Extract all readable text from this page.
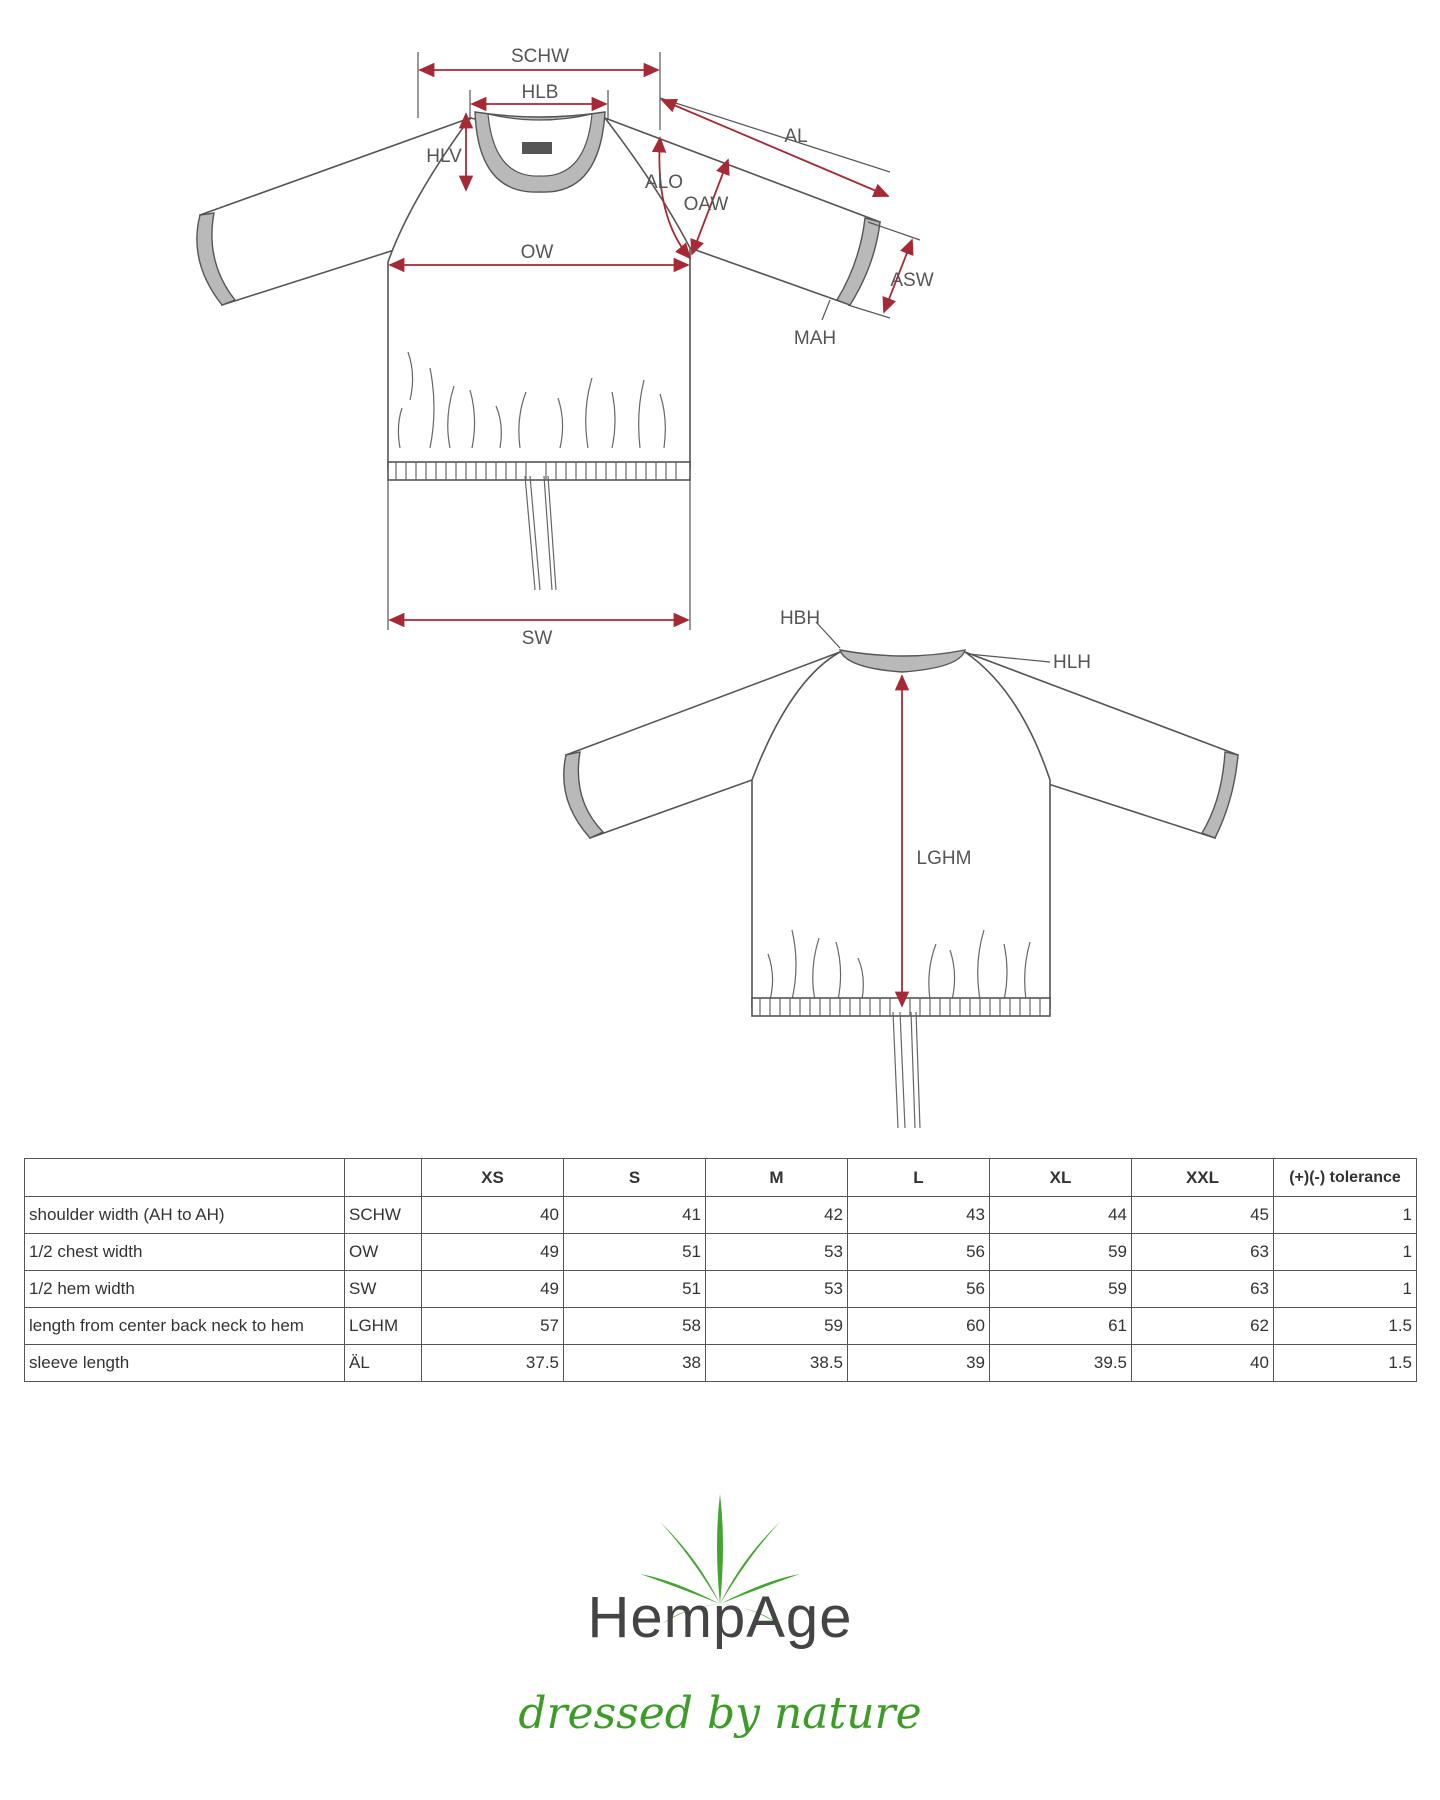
SCHW
HLB
HLV
AL
ALO
OAW
OW
ASW
MAH
SW
HBH
HLH
LGHM
		XS	S	M	L	XL	XXL	(+)(-) tolerance
shoulder width (AH to AH)	SCHW	40	41	42	43	44	45	1
1/2 chest width	OW	49	51	53	56	59	63	1
1/2 hem width	SW	49	51	53	56	59	63	1
length from center back neck to hem	LGHM	57	58	59	60	61	62	1.5
sleeve length	ÄL	37.5	38	38.5	39	39.5	40	1.5
HempAge
dressed by nature
